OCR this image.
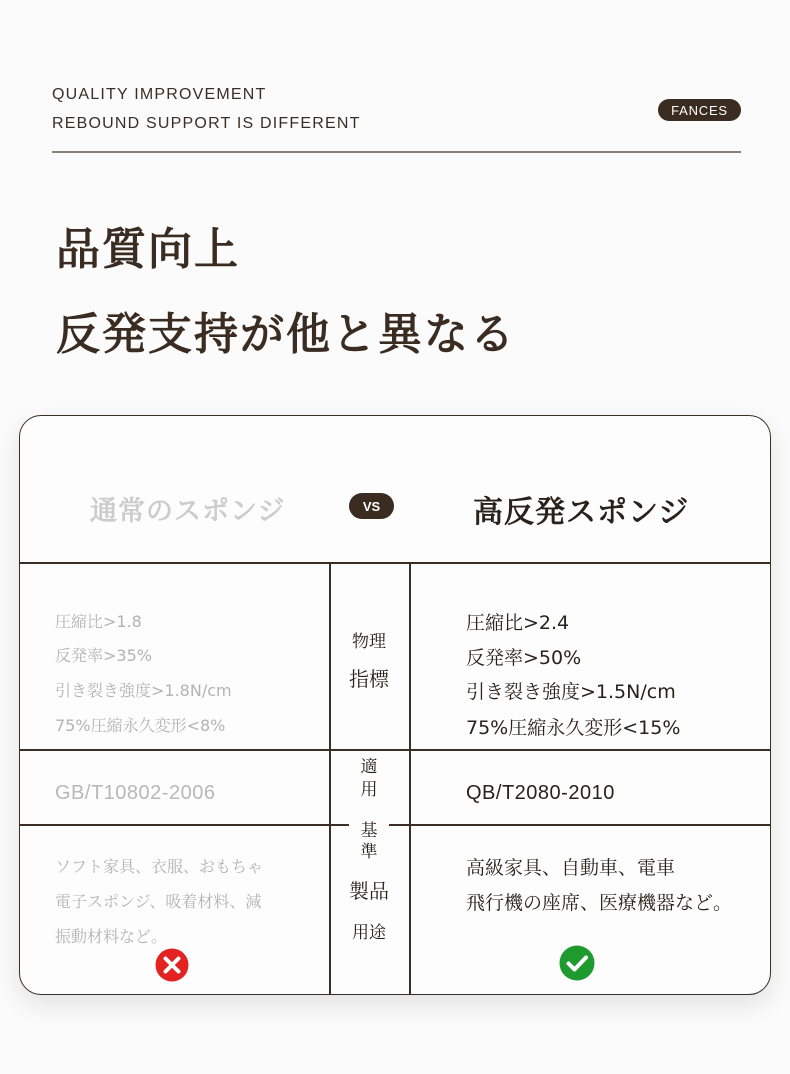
QUALITY IMPROVEMENT
REBOUND SUPPORT IS DIFFERENT
FANCES
品質向上
反発支持が他と異なる
通常のスポンジ	VS	高反発スポンジ
圧縮比>1.8
反発率>35%
引き裂き強度>1.8N/cm
75%圧縮永久変形<8%
物理
指標
圧縮比>2.4
反発率>50%
引き裂き強度>1.5N/cm
75%圧縮永久変形<15%
GB/T10802-2006
適
用
基
準
QB/T2080-2010
ソフト家具、衣服、おもちゃ
電子スポンジ、吸着材料、減
振動材料など。
製品
用途
高級家具、自動車、電車
飛行機の座席、医療機器など。
